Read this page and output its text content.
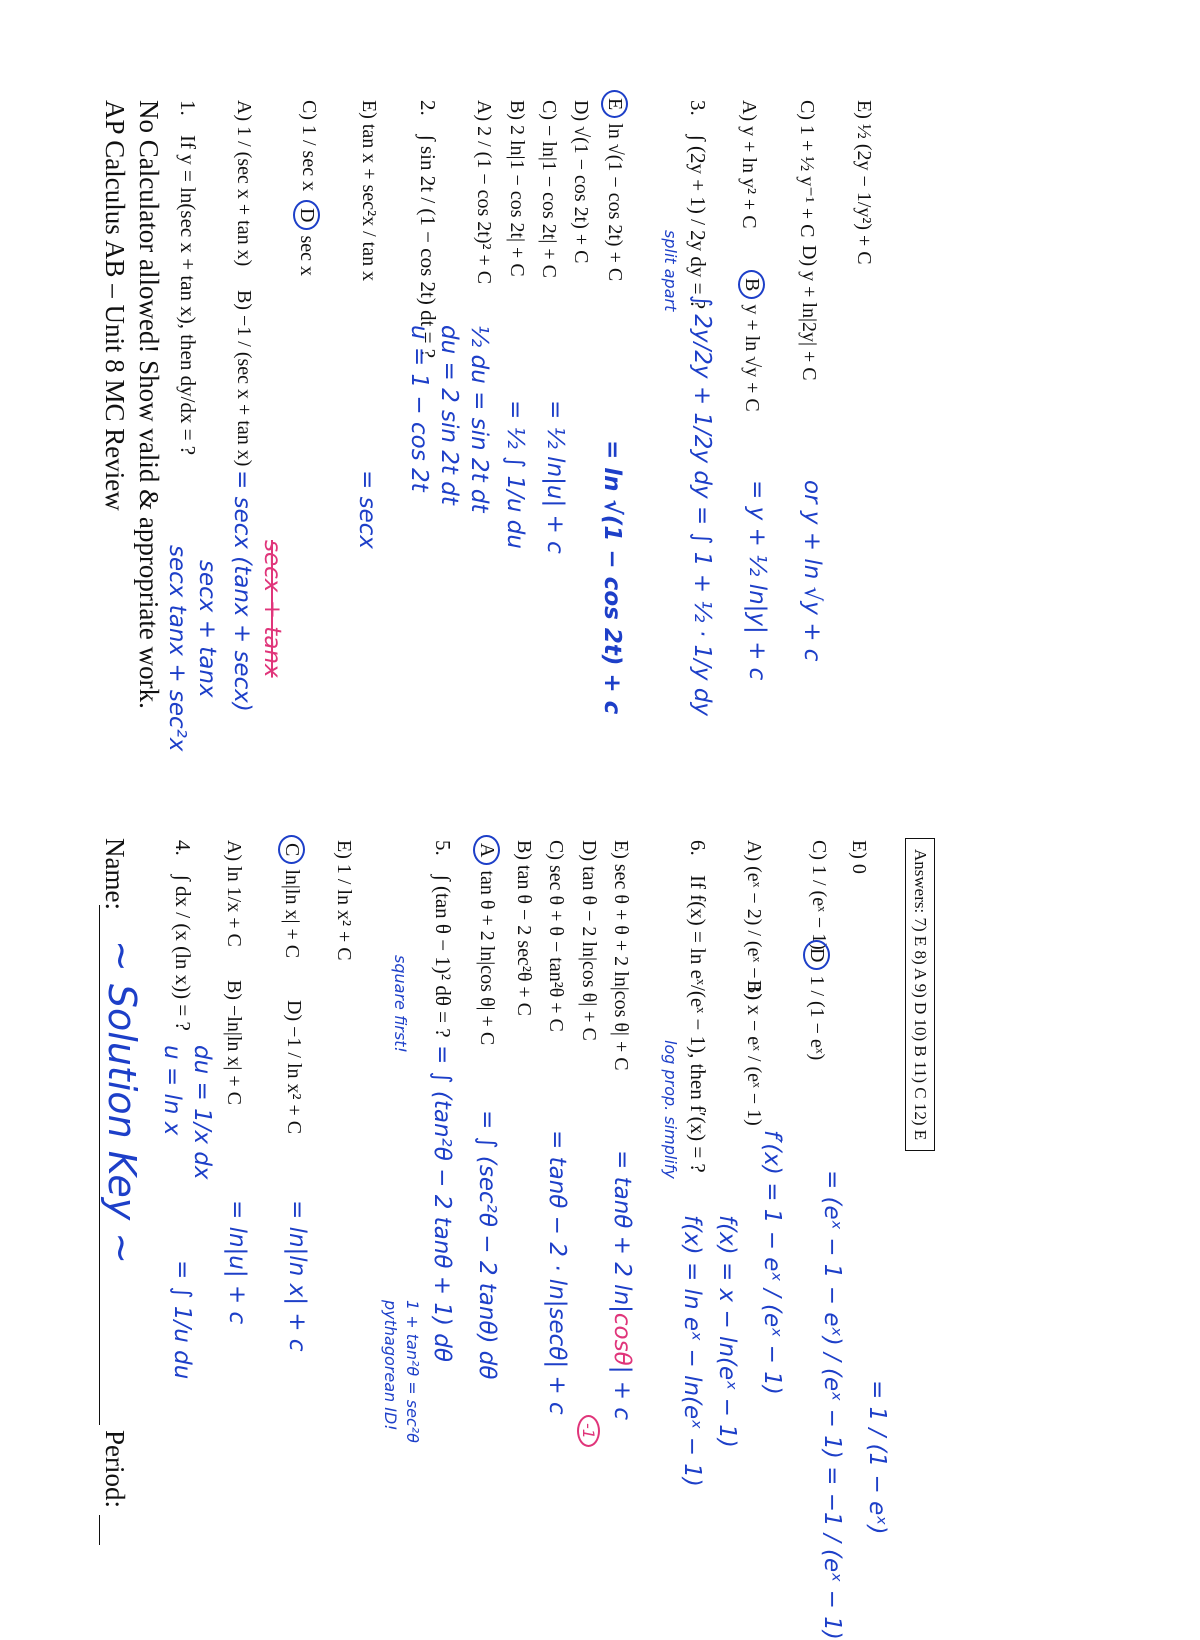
AP Calculus AB – Unit 8 MC Review No Calculator allowed! Show valid & appropriate work.
Name:
~ Solution Key ~
Period:
1.
If y = ln(sec x + tan x), then dy/dx = ?
secx tanx + sec²x secx + tanx
A) 1 / (sec x + tan x)
B) −1 / (sec x + tan x)
= secx (tanx + secx) secx + tanx
C) 1 / sec x
D sec x E) tan x + sec²x / tan x
= secx
2.
∫ sin 2t / (1 − cos 2t) dt = ?
u = 1 − cos 2t du = 2 sin 2t dt ½ du = sin 2t dt
A) 2 / (1 − cos 2t)² + C B) 2 ln|1 − cos 2t| + C
= ½ ∫ 1/u du
C) − ln|1 − cos 2t| + C
= ½ ln|u| + c
D) √(1 − cos 2t) + C E ln √(1 − cos 2t) + C
= ln √(1 − cos 2t) + c
split apart
3.
∫ (2y + 1) / 2y dy = ?
∫ 2y/2y + 1/2y dy = ∫ 1 + ½ · 1/y dy
A) y + ln y² + C
B y + ln √y + C
= y + ½ ln|y| + c
C) 1 + ½ y⁻¹ + C
D) y + ln|2y| + C
or y + ln √y + c
E) ½ (2y − 1/y²) + C
4.
∫ dx / (x (ln x)) = ?
u = ln x du = 1/x dx
= ∫ 1/u du
A) ln 1/x + C
B) −ln|ln x| + C
= ln|u| + c
C ln|ln x| + C
D) −1 / ln x² + C
= ln|ln x| + c
E) 1 / ln x² + C
square first!
pythagorean ID! 1 + tan²θ = sec²θ
5.
∫ (tan θ − 1)² dθ = ?
= ∫ (tan²θ − 2 tanθ + 1) dθ
A tan θ + 2 ln|cos θ| + C
= ∫ (sec²θ − 2 tanθ) dθ
B) tan θ − 2 sec²θ + C C) sec θ + θ − tan²θ + C
= tanθ − 2 · ln|secθ| + c
-1
D) tan θ − 2 ln|cos θ| + C E) sec θ + θ + 2 ln|cos θ| + C
= tanθ + 2 ln|cosθ| + c
log prop. simplify
6.
If f(x) = ln eˣ/(eˣ − 1), then f′(x) = ?
f(x) = ln eˣ − ln(eˣ − 1) f(x) = x − ln(eˣ − 1)
A) (eˣ − 2) / (eˣ − 1)
B) x − eˣ / (eˣ − 1)
f′(x) = 1 − eˣ / (eˣ − 1)
C) 1 / (eˣ − 1)
D 1 / (1 − eˣ)
= (eˣ − 1 − eˣ) / (eˣ − 1) = −1 / (eˣ − 1)
E) 0
= 1 / (1 − eˣ)
Answers: 7) E 8) A 9) D 10) B 11) C 12) E
